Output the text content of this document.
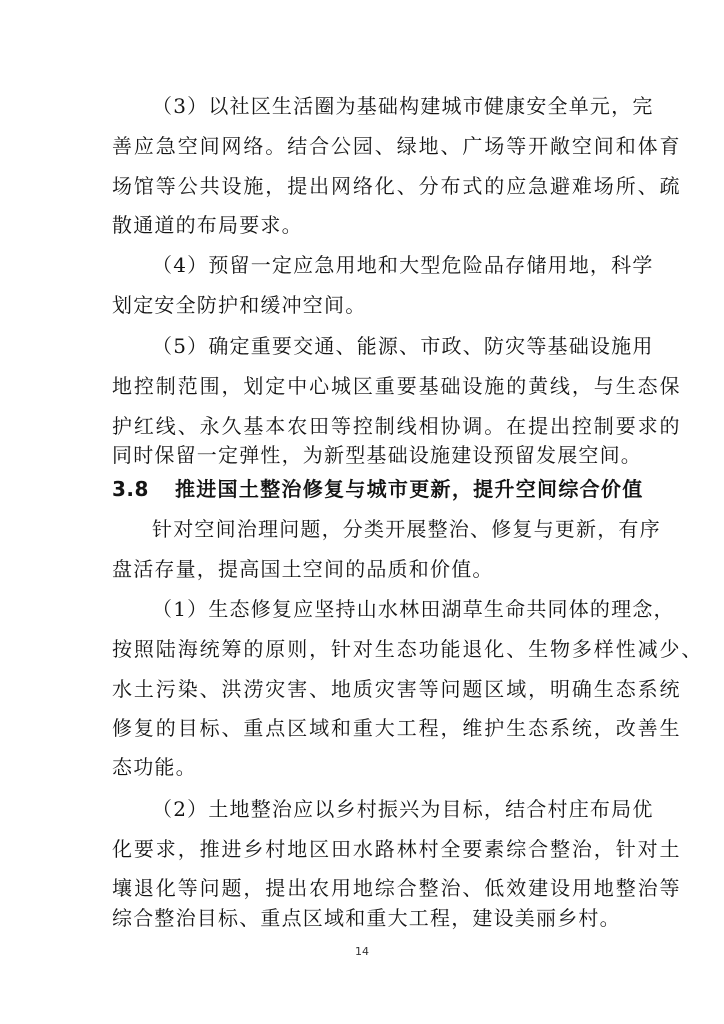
（3）以社区生活圈为基础构建城市健康安全单元，完
善应急空间网络。结合公园、绿地、广场等开敞空间和体育
场馆等公共设施，提出网络化、分布式的应急避难场所、疏
散通道的布局要求。
（4）预留一定应急用地和大型危险品存储用地，科学
划定安全防护和缓冲空间。
（5）确定重要交通、能源、市政、防灾等基础设施用
地控制范围，划定中心城区重要基础设施的黄线，与生态保
护红线、永久基本农田等控制线相协调。在提出控制要求的
同时保留一定弹性，为新型基础设施建设预留发展空间。
3.8 推进国土整治修复与城市更新，提升空间综合价值
针对空间治理问题，分类开展整治、修复与更新，有序
盘活存量，提高国土空间的品质和价值。
（1）生态修复应坚持山水林田湖草生命共同体的理念，
按照陆海统筹的原则，针对生态功能退化、生物多样性减少、
水土污染、洪涝灾害、地质灾害等问题区域，明确生态系统
修复的目标、重点区域和重大工程，维护生态系统，改善生
态功能。
（2）土地整治应以乡村振兴为目标，结合村庄布局优
化要求，推进乡村地区田水路林村全要素综合整治，针对土
壤退化等问题，提出农用地综合整治、低效建设用地整治等
综合整治目标、重点区域和重大工程，建设美丽乡村。
14
